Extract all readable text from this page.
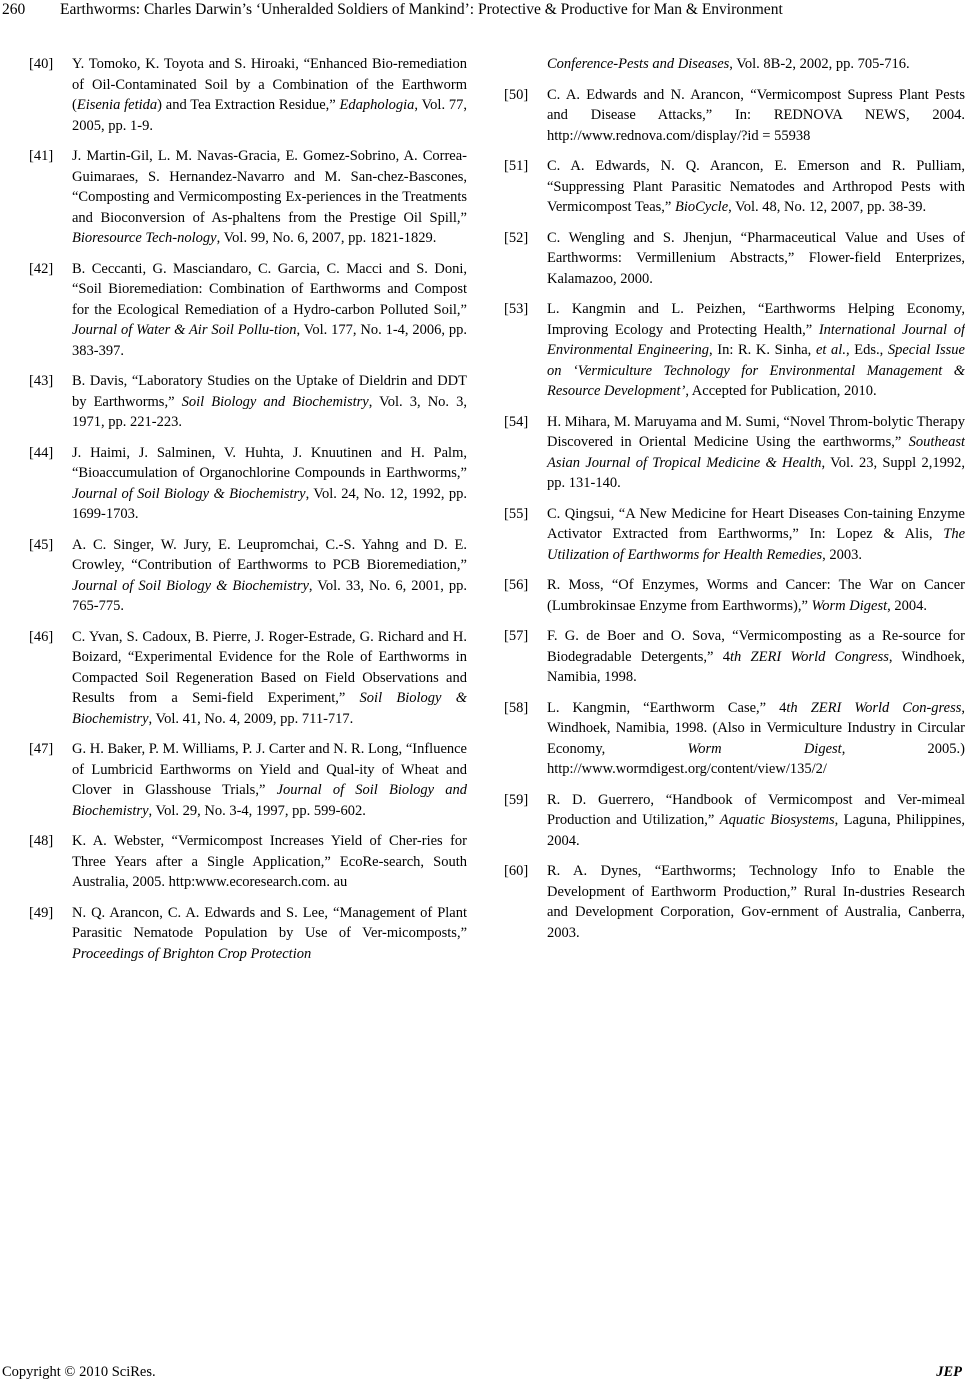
260 Earthworms: Charles Darwin’s ‘Unheralded Soldiers of Mankind’: Protective & Productive for Man & Environment
[40] Y. Tomoko, K. Toyota and S. Hiroaki, “Enhanced Bio-remediation of Oil-Contaminated Soil by a Combination of the Earthworm (Eisenia fetida) and Tea Extraction Residue,” Edaphologia, Vol. 77, 2005, pp. 1-9.
[41] J. Martin-Gil, L. M. Navas-Gracia, E. Gomez-Sobrino, A. Correa-Guimaraes, S. Hernandez-Navarro and M. San-chez-Bascones, “Composting and Vermicomposting Ex-periences in the Treatments and Bioconversion of As-phaltens from the Prestige Oil Spill,” Bioresource Tech-nology, Vol. 99, No. 6, 2007, pp. 1821-1829.
[42] B. Ceccanti, G. Masciandaro, C. Garcia, C. Macci and S. Doni, “Soil Bioremediation: Combination of Earthworms and Compost for the Ecological Remediation of a Hydro-carbon Polluted Soil,” Journal of Water & Air Soil Pollu-tion, Vol. 177, No. 1-4, 2006, pp. 383-397.
[43] B. Davis, “Laboratory Studies on the Uptake of Dieldrin and DDT by Earthworms,” Soil Biology and Biochemistry, Vol. 3, No. 3, 1971, pp. 221-223.
[44] J. Haimi, J. Salminen, V. Huhta, J. Knuutinen and H. Palm, “Bioaccumulation of Organochlorine Compounds in Earthworms,” Journal of Soil Biology & Biochemistry, Vol. 24, No. 12, 1992, pp. 1699-1703.
[45] A. C. Singer, W. Jury, E. Leupromchai, C.-S. Yahng and D. E. Crowley, “Contribution of Earthworms to PCB Bioremediation,” Journal of Soil Biology & Biochemistry, Vol. 33, No. 6, 2001, pp. 765-775.
[46] C. Yvan, S. Cadoux, B. Pierre, J. Roger-Estrade, G. Richard and H. Boizard, “Experimental Evidence for the Role of Earthworms in Compacted Soil Regeneration Based on Field Observations and Results from a Semi-field Experiment,” Soil Biology & Biochemistry, Vol. 41, No. 4, 2009, pp. 711-717.
[47] G. H. Baker, P. M. Williams, P. J. Carter and N. R. Long, “Influence of Lumbricid Earthworms on Yield and Qual-ity of Wheat and Clover in Glasshouse Trials,” Journal of Soil Biology and Biochemistry, Vol. 29, No. 3-4, 1997, pp. 599-602.
[48] K. A. Webster, “Vermicompost Increases Yield of Cher-ries for Three Years after a Single Application,” EcoRe-search, South Australia, 2005. http:www.ecoresearch.com. au
[49] N. Q. Arancon, C. A. Edwards and S. Lee, “Management of Plant Parasitic Nematode Population by Use of Ver-micomposts,” Proceedings of Brighton Crop Protection
Conference-Pests and Diseases, Vol. 8B-2, 2002, pp. 705-716.
[50] C. A. Edwards and N. Arancon, “Vermicompost Supress Plant Pests and Disease Attacks,” In: REDNOVA NEWS, 2004. http://www.rednova.com/display/?id = 55938
[51] C. A. Edwards, N. Q. Arancon, E. Emerson and R. Pulliam, “Suppressing Plant Parasitic Nematodes and Arthropod Pests with Vermicompost Teas,” BioCycle, Vol. 48, No. 12, 2007, pp. 38-39.
[52] C. Wengling and S. Jhenjun, “Pharmaceutical Value and Uses of Earthworms: Vermillenium Abstracts,” Flower-field Enterprizes, Kalamazoo, 2000.
[53] L. Kangmin and L. Peizhen, “Earthworms Helping Economy, Improving Ecology and Protecting Health,” International Journal of Environmental Engineering, In: R. K. Sinha, et al., Eds., Special Issue on ‘Vermiculture Technology for Environmental Management & Resource Development’, Accepted for Publication, 2010.
[54] H. Mihara, M. Maruyama and M. Sumi, “Novel Throm-bolytic Therapy Discovered in Oriental Medicine Using the earthworms,” Southeast Asian Journal of Tropical Medicine & Health, Vol. 23, Suppl 2,1992, pp. 131-140.
[55] C. Qingsui, “A New Medicine for Heart Diseases Con-taining Enzyme Activator Extracted from Earthworms,” In: Lopez & Alis, The Utilization of Earthworms for Health Remedies, 2003.
[56] R. Moss, “Of Enzymes, Worms and Cancer: The War on Cancer (Lumbrokinsae Enzyme from Earthworms),” Worm Digest, 2004.
[57] F. G. de Boer and O. Sova, “Vermicomposting as a Re-source for Biodegradable Detergents,” 4th ZERI World Congress, Windhoek, Namibia, 1998.
[58] L. Kangmin, “Earthworm Case,” 4th ZERI World Con-gress, Windhoek, Namibia, 1998. (Also in Vermiculture Industry in Circular Economy, Worm Digest, 2005.) http://www.wormdigest.org/content/view/135/2/
[59] R. D. Guerrero, “Handbook of Vermicompost and Ver-mimeal Production and Utilization,” Aquatic Biosystems, Laguna, Philippines, 2004.
[60] R. A. Dynes, “Earthworms; Technology Info to Enable the Development of Earthworm Production,” Rural In-dustries Research and Development Corporation, Gov-ernment of Australia, Canberra, 2003.
Copyright © 2010 SciRes.	JEP
